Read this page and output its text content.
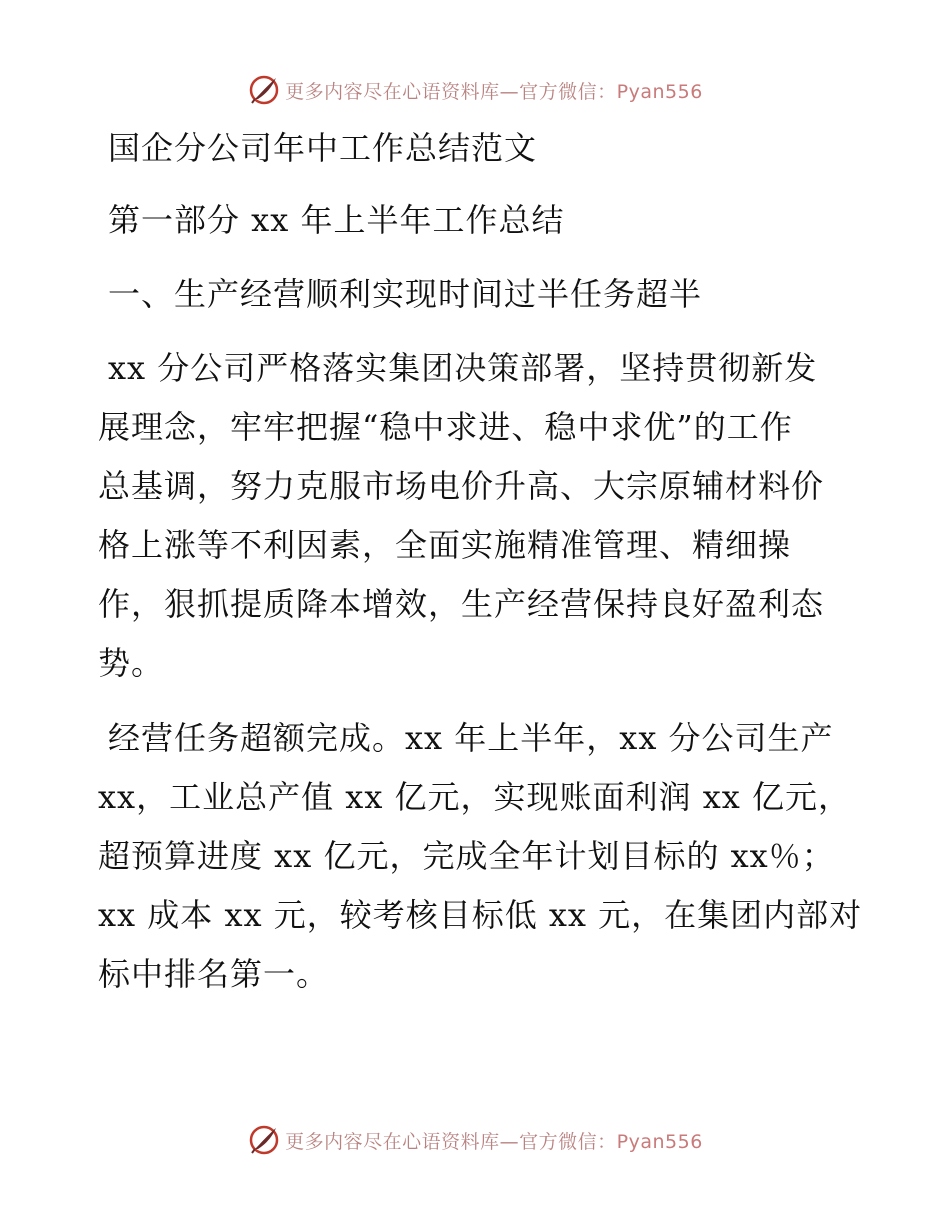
更多内容尽在心语资料库—官方微信：Pyan556
国企分公司年中工作总结范文
第一部分 xx 年上半年工作总结
一、生产经营顺利实现时间过半任务超半
xx 分公司严格落实集团决策部署，坚持贯彻新发
展理念，牢牢把握“稳中求进、稳中求优”的工作
总基调，努力克服市场电价升高、大宗原辅材料价
格上涨等不利因素，全面实施精准管理、精细操
作，狠抓提质降本增效，生产经营保持良好盈利态
势。
经营任务超额完成。xx 年上半年，xx 分公司生产
xx，工业总产值 xx 亿元，实现账面利润 xx 亿元，
超预算进度 xx 亿元，完成全年计划目标的 xx％；
xx 成本 xx 元，较考核目标低 xx 元，在集团内部对
标中排名第一。
更多内容尽在心语资料库—官方微信：Pyan556
